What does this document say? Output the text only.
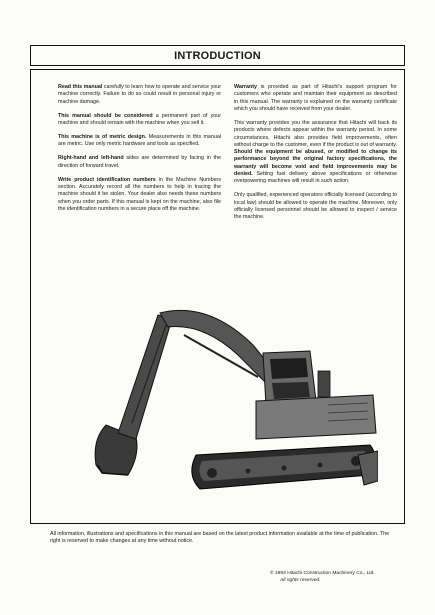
INTRODUCTION

Read this manual carefully to learn how to operate and service your machine correctly. Failure to do so could result in personal injury or machine damage.

This manual should be considered a permanent part of your machine and should remain with the machine when you sell it.

This machine is of metric design. Measurements in this manual are metric. Use only metric hardware and tools as specified.

Right-hand and left-hand sides are determined by facing in the direction of forward travel.

Write product identification numbers in the Machine Numbers section. Accurately record all the numbers to help in tracing the machine should it be stolen. Your dealer also needs these numbers when you order parts. If this manual is kept on the machine, also file the identification numbers in a secure place off the machine.

Warranty is provided as part of Hitachi's support program for customers who operate and maintain their equipment as described in this manual. The warranty is explained on the warranty certificate which you should have received from your dealer.

This warranty provides you the assurance that Hitachi will back its products where defects appear within the warranty period. In some circumstances, Hitachi also provides field improvements, often without charge to the customer, even if the product is out of warranty. Should the equipment be abused, or modified to change its performance beyond the original factory specifications, the warranty will become void and field improvements may be denied. Setting fuel delivery above specifications or otherwise overpowering machines will result in such action.

Only qualified, experienced operators officially licensed (according to local law) should be allowed to operate the machine. Moreover, only officially licensed personnel should be allowed to inspect / service the machine.

All information, illustrations and specifications in this manual are based on the latest product information available at the time of publication. The right is reserved to make changes at any time without notice.
© 1993 Hitachi Construction Machinery Co., Ltd.
All rights reserved.
